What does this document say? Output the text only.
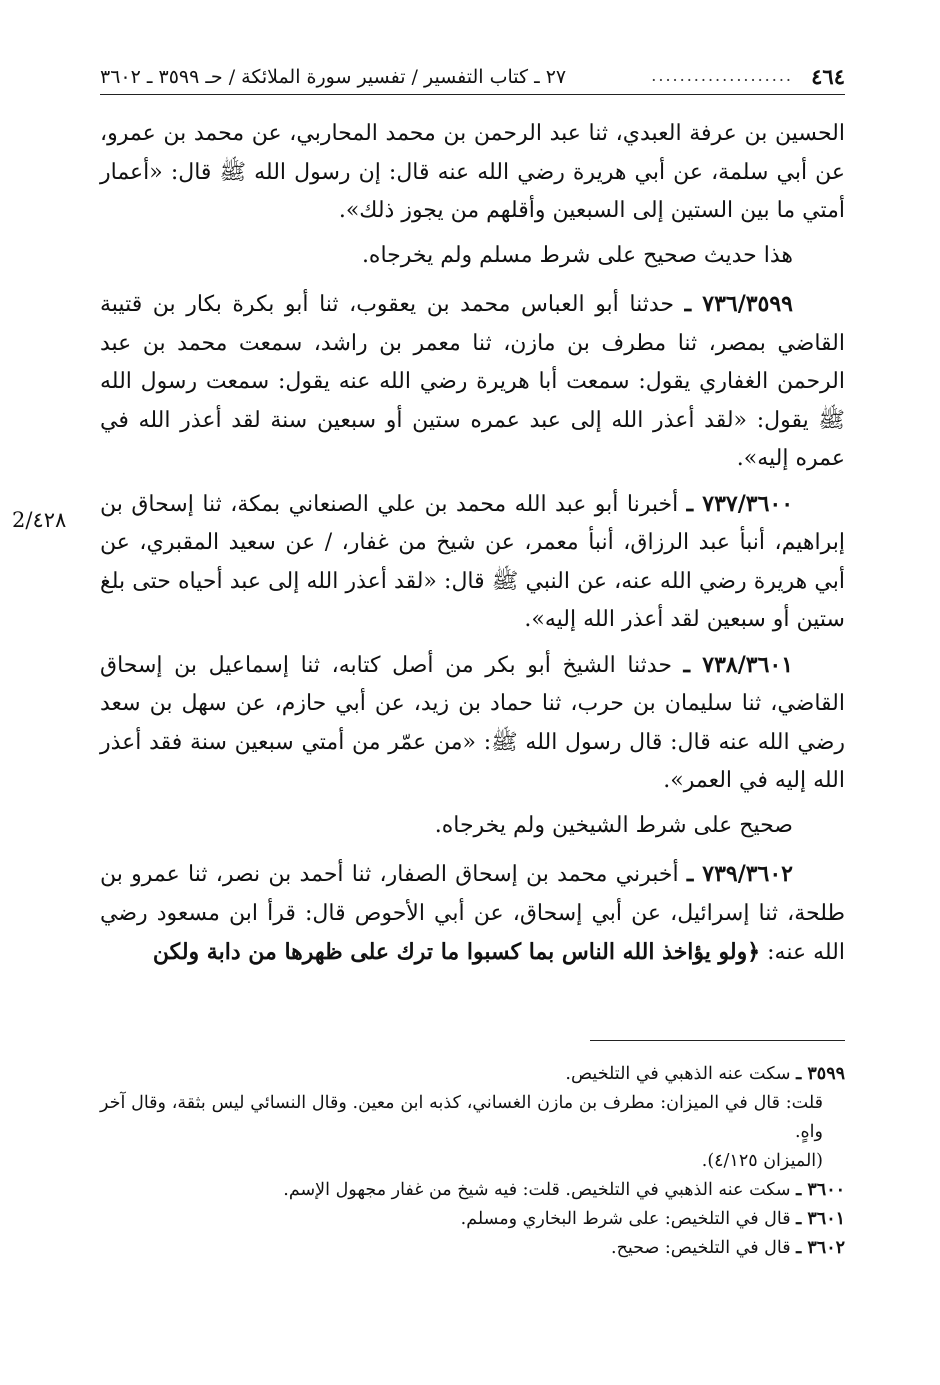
٤٦٤
....................
٢٧ ـ كتاب التفسير / تفسير سورة الملائكة / حـ ٣٥٩٩ ـ ٣٦٠٢
2/٤٢٨

الحسين بن عرفة العبدي، ثنا عبد الرحمن بن محمد المحاربي، عن محمد بن عمرو، عن أبي سلمة، عن أبي هريرة رضي الله عنه قال: إن رسول الله ﷺ قال: «أعمار أمتي ما بين الستين إلى السبعين وأقلهم من يجوز ذلك».

هذا حديث صحيح على شرط مسلم ولم يخرجاه.

٧٣٦/٣٥٩٩ ـ حدثنا أبو العباس محمد بن يعقوب، ثنا أبو بكرة بكار بن قتيبة القاضي بمصر، ثنا مطرف بن مازن، ثنا معمر بن راشد، سمعت محمد بن عبد الرحمن الغفاري يقول: سمعت أبا هريرة رضي الله عنه يقول: سمعت رسول الله ﷺ يقول: «لقد أعذر الله إلى عبد عمره ستين أو سبعين سنة لقد أعذر الله في عمره إليه».

٧٣٧/٣٦٠٠ ـ أخبرنا أبو عبد الله محمد بن علي الصنعاني بمكة، ثنا إسحاق بن إبراهيم، أنبأ عبد الرزاق، أنبأ معمر، عن شيخ من غفار، / عن سعيد المقبري، عن أبي هريرة رضي الله عنه، عن النبي ﷺ قال: «لقد أعذر الله إلى عبد أحياه حتى بلغ ستين أو سبعين لقد أعذر الله إليه».

٧٣٨/٣٦٠١ ـ حدثنا الشيخ أبو بكر من أصل كتابه، ثنا إسماعيل بن إسحاق القاضي، ثنا سليمان بن حرب، ثنا حماد بن زيد، عن أبي حازم، عن سهل بن سعد رضي الله عنه قال: قال رسول الله ﷺ: «من عمّر من أمتي سبعين سنة فقد أعذر الله إليه في العمر».

صحيح على شرط الشيخين ولم يخرجاه.

٧٣٩/٣٦٠٢ ـ أخبرني محمد بن إسحاق الصفار، ثنا أحمد بن نصر، ثنا عمرو بن طلحة، ثنا إسرائيل، عن أبي إسحاق، عن أبي الأحوص قال: قرأ ابن مسعود رضي الله عنه: ﴿ولو يؤاخذ الله الناس بما كسبوا ما ترك على ظهرها من دابة ولكن

٣٥٩٩ ـ سكت عنه الذهبي في التلخيص.

قلت: قال في الميزان: مطرف بن مازن الغساني، كذبه ابن معين. وقال النسائي ليس بثقة، وقال آخر واهٍ.

(الميزان ٤/١٢٥).

٣٦٠٠ ـ سكت عنه الذهبي في التلخيص. قلت: فيه شيخ من غفار مجهول الإسم.

٣٦٠١ ـ قال في التلخيص: على شرط البخاري ومسلم.

٣٦٠٢ ـ قال في التلخيص: صحيح.
